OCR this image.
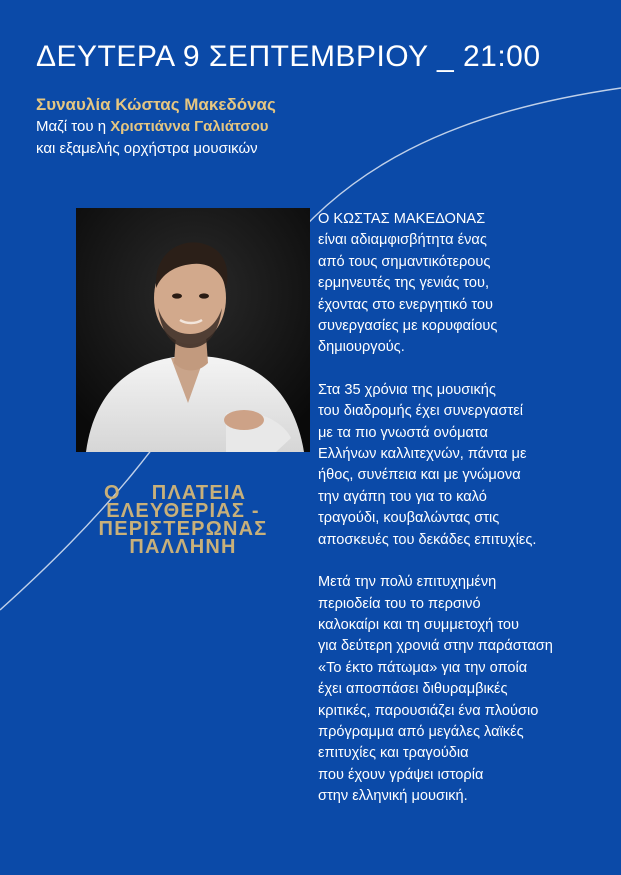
ΔΕΥΤΕΡΑ 9 ΣΕΠΤΕΜΒΡΙΟΥ _ 21:00
Συναυλία Κώστας Μακεδόνας
Μαζί του η Χριστιάννα Γαλιάτσου
και εξαμελής ορχήστρα μουσικών
O	ΠΛΑΤΕΙΑ
ΕΛΕΥΘΕΡΙΑΣ -
ΠΕΡΙΣΤΕΡΩΝΑΣ
ΠΑΛΛΗΝΗ

Ο ΚΩΣΤΑΣ ΜΑΚΕΔΟΝΑΣ
είναι αδιαμφισβήτητα ένας
από τους σημαντικότερους
ερμηνευτές της γενιάς του,
έχοντας στο ενεργητικό του
συνεργασίες με κορυφαίους
δημιουργούς.

Στα 35 χρόνια της μουσικής
του διαδρομής έχει συνεργαστεί
με τα πιο γνωστά ονόματα
Ελλήνων καλλιτεχνών, πάντα με
ήθος, συνέπεια και με γνώμονα
την αγάπη του για το καλό
τραγούδι, κουβαλώντας στις
αποσκευές του δεκάδες επιτυχίες.

Μετά την πολύ επιτυχημένη
περιοδεία του το περσινό
καλοκαίρι και τη συμμετοχή του
για δεύτερη χρονιά στην παράσταση
«Το έκτο πάτωμα» για την οποία
έχει αποσπάσει διθυραμβικές
κριτικές, παρουσιάζει ένα πλούσιο
πρόγραμμα από μεγάλες λαϊκές
επιτυχίες και τραγούδια
που έχουν γράψει ιστορία
στην ελληνική μουσική.
